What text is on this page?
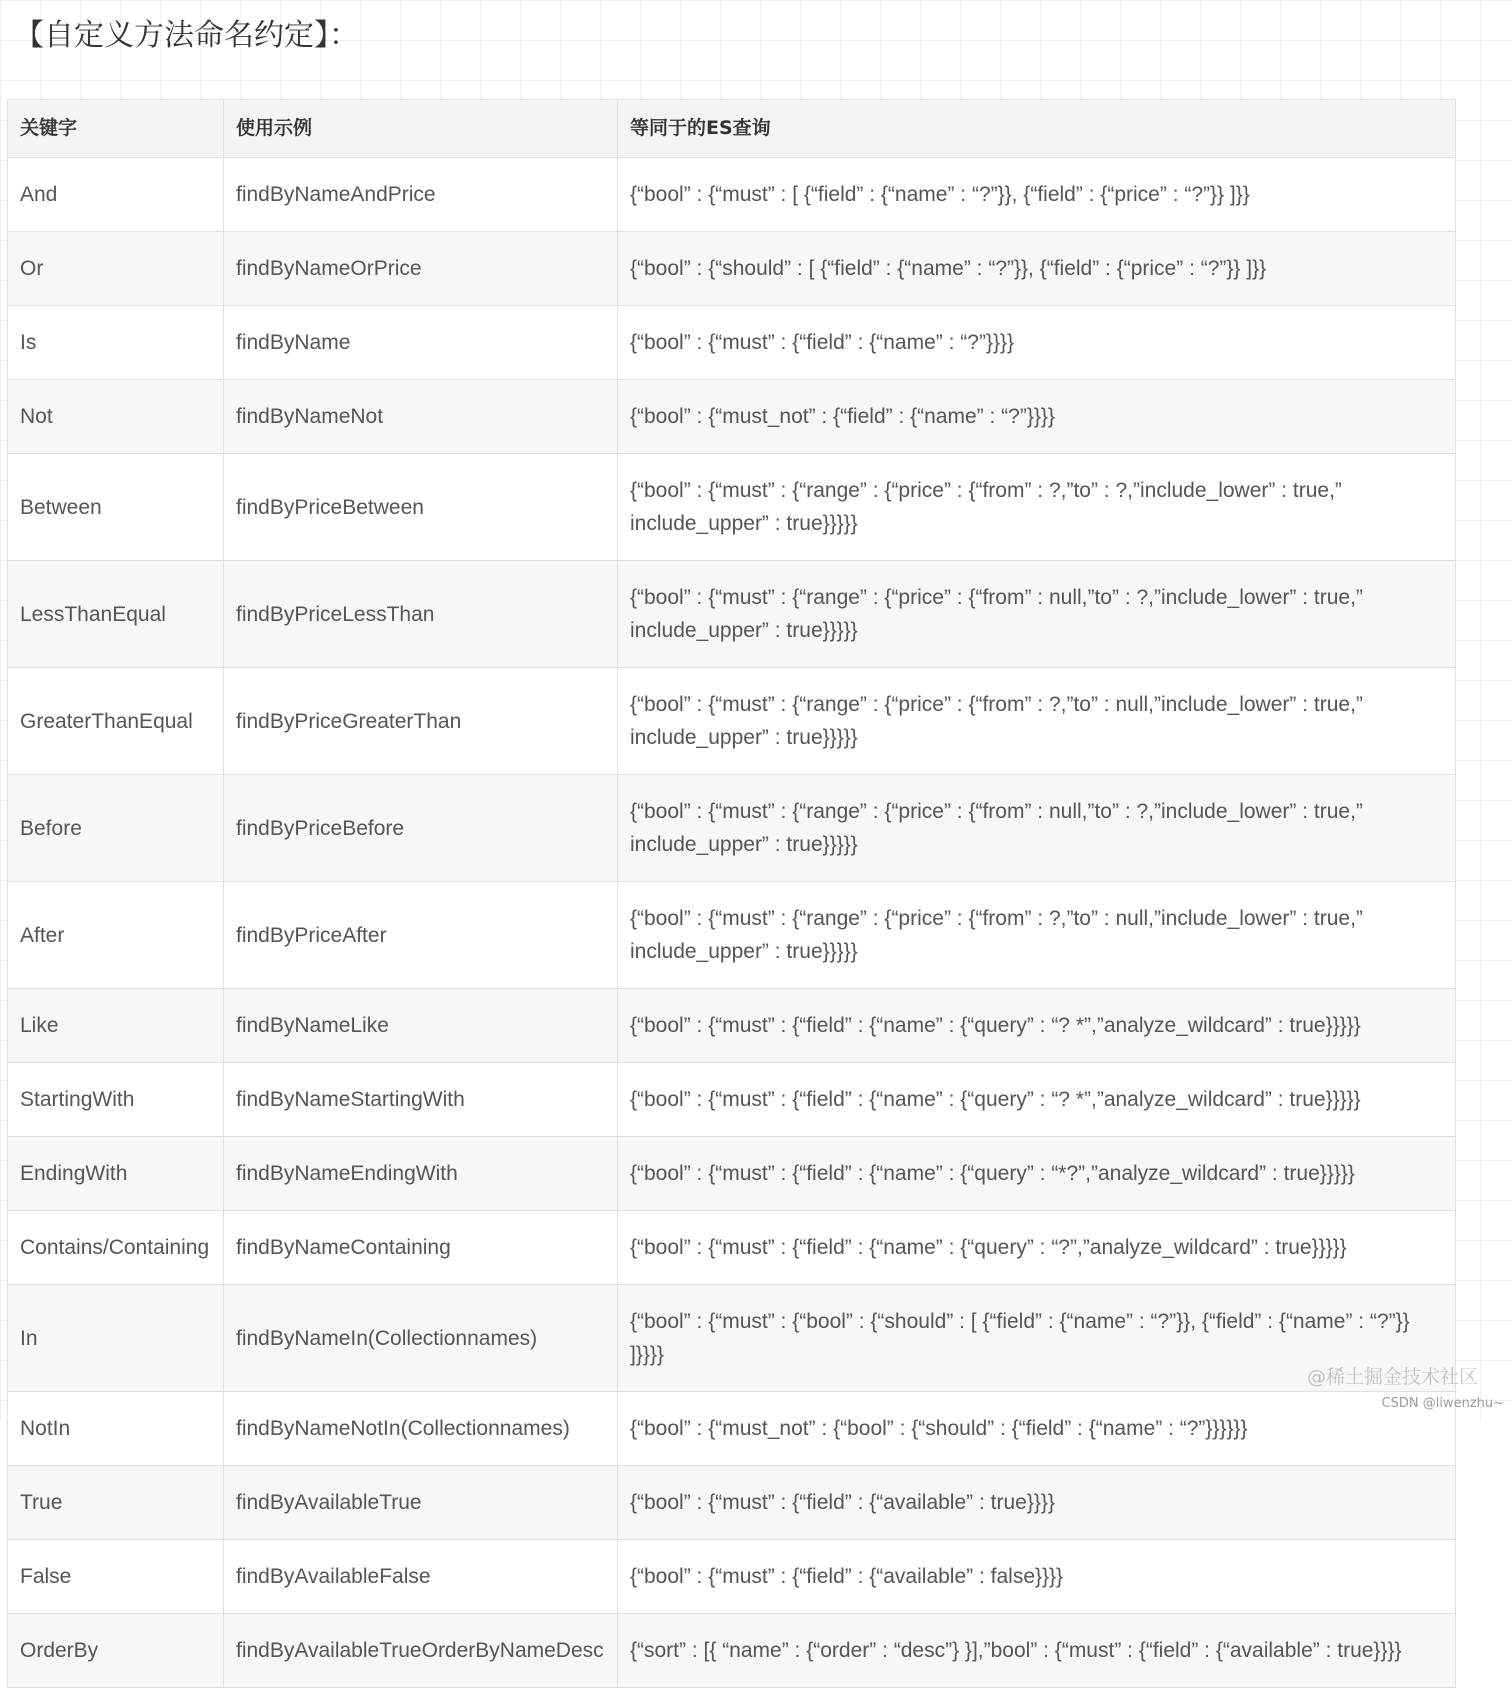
【自定义方法命名约定】：
关键字	使用示例	等同于的ES查询
And	findByNameAndPrice	{“bool” : {“must” : [ {“field” : {“name” : “?”}}, {“field” : {“price” : “?”}} ]}}
Or	findByNameOrPrice	{“bool” : {“should” : [ {“field” : {“name” : “?”}}, {“field” : {“price” : “?”}} ]}}
Is	findByName	{“bool” : {“must” : {“field” : {“name” : “?”}}}}
Not	findByNameNot	{“bool” : {“must_not” : {“field” : {“name” : “?”}}}}
Between	findByPriceBetween	{“bool” : {“must” : {“range” : {“price” : {“from” : ?,”to” : ?,”include_lower” : true,” include_upper” : true}}}}}
LessThanEqual	findByPriceLessThan	{“bool” : {“must” : {“range” : {“price” : {“from” : null,”to” : ?,”include_lower” : true,” include_upper” : true}}}}}
GreaterThanEqual	findByPriceGreaterThan	{“bool” : {“must” : {“range” : {“price” : {“from” : ?,”to” : null,”include_lower” : true,” include_upper” : true}}}}}
Before	findByPriceBefore	{“bool” : {“must” : {“range” : {“price” : {“from” : null,”to” : ?,”include_lower” : true,” include_upper” : true}}}}}
After	findByPriceAfter	{“bool” : {“must” : {“range” : {“price” : {“from” : ?,”to” : null,”include_lower” : true,” include_upper” : true}}}}}
Like	findByNameLike	{“bool” : {“must” : {“field” : {“name” : {“query” : “? *”,”analyze_wildcard” : true}}}}}
StartingWith	findByNameStartingWith	{“bool” : {“must” : {“field” : {“name” : {“query” : “? *”,”analyze_wildcard” : true}}}}}
EndingWith	findByNameEndingWith	{“bool” : {“must” : {“field” : {“name” : {“query” : “*?”,”analyze_wildcard” : true}}}}}
Contains/Containing	findByNameContaining	{“bool” : {“must” : {“field” : {“name” : {“query” : “?”,”analyze_wildcard” : true}}}}}
In	findByNameIn(Collectionnames)	{“bool” : {“must” : {“bool” : {“should” : [ {“field” : {“name” : “?”}}, {“field” : {“name” : “?”}} ]}}}}
NotIn	findByNameNotIn(Collectionnames)	{“bool” : {“must_not” : {“bool” : {“should” : {“field” : {“name” : “?”}}}}}}
True	findByAvailableTrue	{“bool” : {“must” : {“field” : {“available” : true}}}}
False	findByAvailableFalse	{“bool” : {“must” : {“field” : {“available” : false}}}}
OrderBy	findByAvailableTrueOrderByNameDesc	{“sort” : [{ “name” : {“order” : “desc”} }],”bool” : {“must” : {“field” : {“available” : true}}}}
@稀土掘金技术社区
CSDN @liwenzhu~
